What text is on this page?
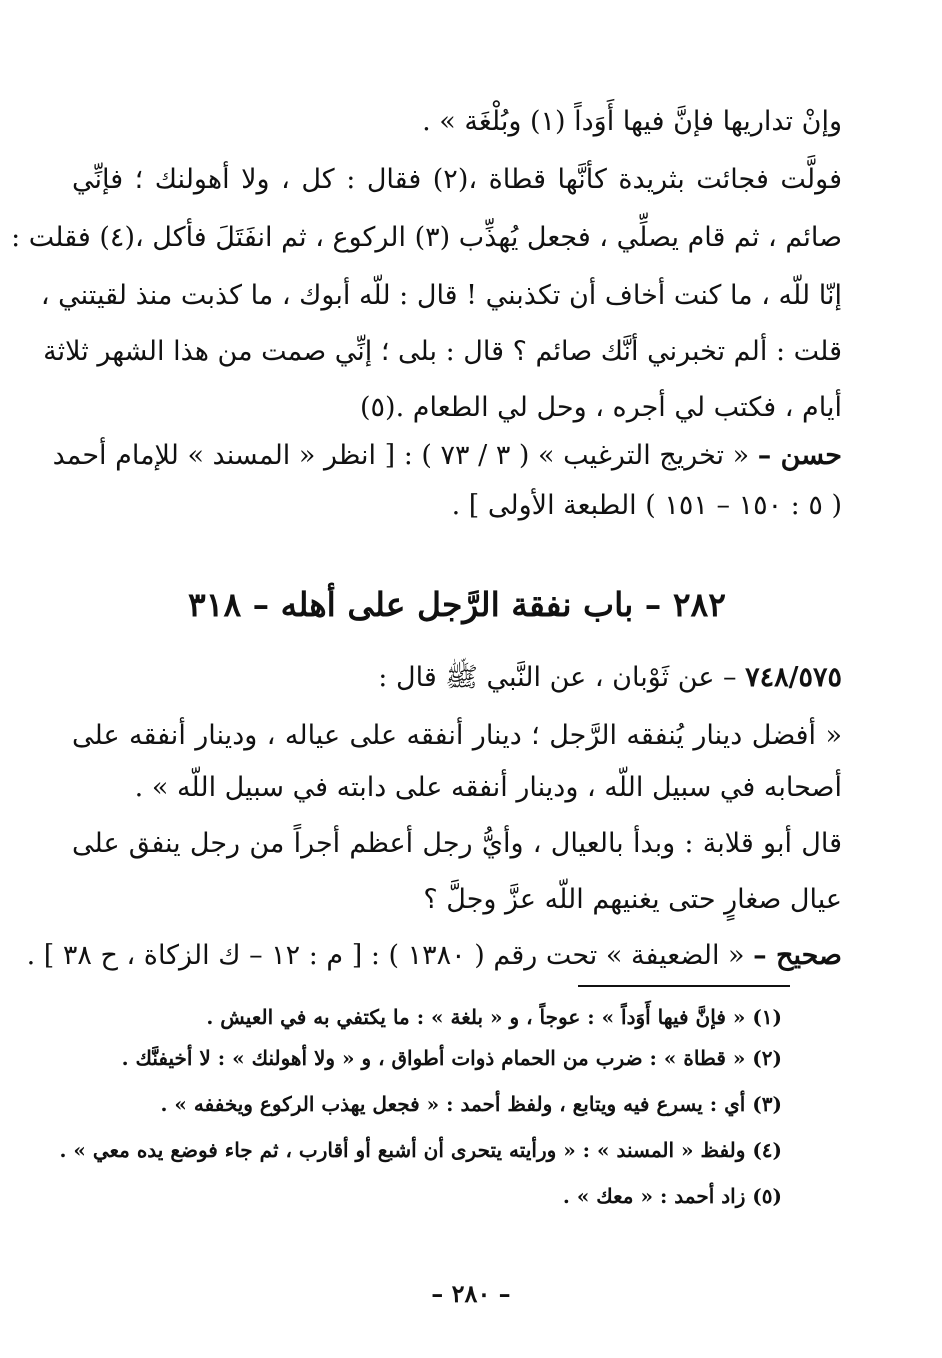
وإنْ تداريها فإنَّ فيها أَوَداً (١) وبُلْغَة » .
فولَّت فجائت بثريدة كأنَّها قطاة ،(٢) فقال : كل ، ولا أهولنك ؛ فإنِّي
صائم ، ثم قام يصلِّي ، فجعل يُهذِّب (٣) الركوع ، ثم انفَتَلَ فأكل ،(٤) فقلت :
إنّا للّه ، ما كنت أخاف أن تكذبني ! قال : للّه أبوك ، ما كذبت منذ لقيتني ،
قلت : ألم تخبرني أنَّك صائم ؟ قال : بلى ؛ إنِّي صمت من هذا الشهر ثلاثة
أيام ، فكتب لي أجره ، وحل لي الطعام .(٥)
حسن – « تخريج الترغيب » ( ٣ / ٧٣ ) : [ انظر « المسند » للإمام أحمد
( ٥ : ١٥٠ – ١٥١ ) الطبعة الأولى ] .
٢٨٢ – باب نفقة الرَّجل على أهله – ٣١٨
٧٤٨/٥٧٥ – عن ثَوْبان ، عن النَّبي ﷺ قال :
« أفضل دينار يُنفقه الرَّجل ؛ دينار أنفقه على عياله ، ودينار أنفقه على
أصحابه في سبيل اللّه ، ودينار أنفقه على دابته في سبيل اللّه » .
قال أبو قلابة : وبدأ بالعيال ، وأيُّ رجل أعظم أجراً من رجل ينفق على
عيال صغارٍ حتى يغنيهم اللّه عزَّ وجلَّ ؟
صحيح – « الضعيفة » تحت رقم ( ١٣٨٠ ) : [ م : ١٢ – ك الزكاة ، ح ٣٨ ] .
(١) « فإنَّ فيها أَوَداً » : عوجاً ، و « بلغة » : ما يكتفي به في العيش .
(٢) « قطاة » : ضرب من الحمام ذوات أطواق ، و « ولا أهولنك » : لا أخيفنَّك .
(٣) أي : يسرع فيه ويتابع ، ولفظ أحمد : « فجعل يهذب الركوع ويخففه » .
(٤) ولفظ « المسند » : « ورأيته يتحرى أن أشبع أو أقارب ، ثم جاء فوضع يده معي » .
(٥) زاد أحمد : « معك » .
– ٢٨٠ –
